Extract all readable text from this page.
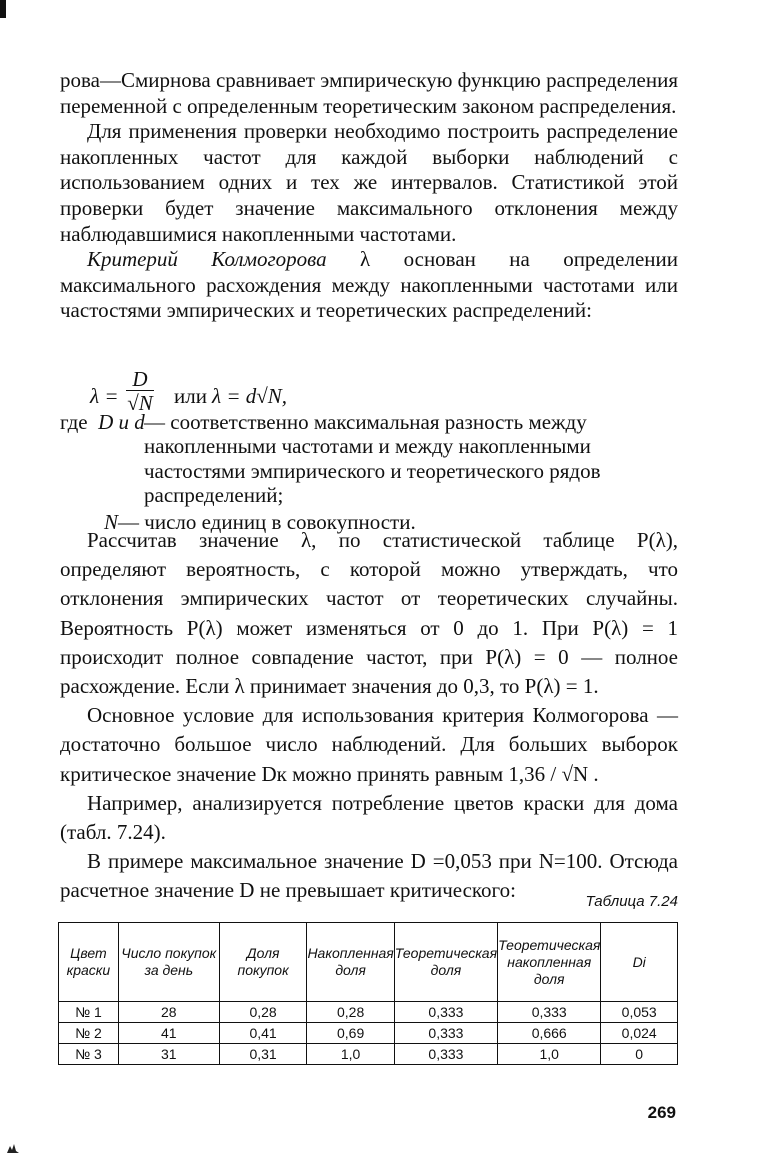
рова—Смирнова сравнивает эмпирическую функцию распределения переменной с определенным теоретическим законом распределения.

Для применения проверки необходимо построить распределение накопленных частот для каждой выборки наблюдений с использованием одних и тех же интервалов. Статистикой этой проверки будет значение максимального отклонения между наблюдавшимися накопленными частотами.

Критерий Колмогорова λ основан на определении максимального расхождения между накопленными частотами или частостями эмпирических и теоретических распределений:

$\lambda = \frac{D}{√N}$ или λ = d√N,
где D и d — соответственно максимальная разность между накопленными частотами и между накопленными частостями эмпирического и теоретического рядов распределений;
N— число единиц в совокупности.

Рассчитав значение λ, по статистической таблице P(λ), определяют вероятность, с которой можно утверждать, что отклонения эмпирических частот от теоретических случайны. Вероятность P(λ) может изменяться от 0 до 1. При P(λ) = 1 происходит полное совпадение частот, при P(λ) = 0 — полное расхождение. Если λ принимает значения до 0,3, то P(λ) = 1.

Основное условие для использования критерия Колмогорова — достаточно большое число наблюдений. Для больших выборок критическое значение Dк можно принять равным 1,36 / √N .

Например, анализируется потребление цветов краски для дома (табл. 7.24).

В примере максимальное значение D =0,053 при N=100. Отсюда расчетное значение D не превышает критического:	Таблица 7.24
Цвет краски	Число покупок за день	Доля покупок	Накопленная доля	Теоретическая доля	Теоретическая накопленная доля	Di
№ 1	28	0,28	0,28	0,333	0,333	0,053
№ 2	41	0,41	0,69	0,333	0,666	0,024
№ 3	31	0,31	1,0	0,333	1,0	0
269
